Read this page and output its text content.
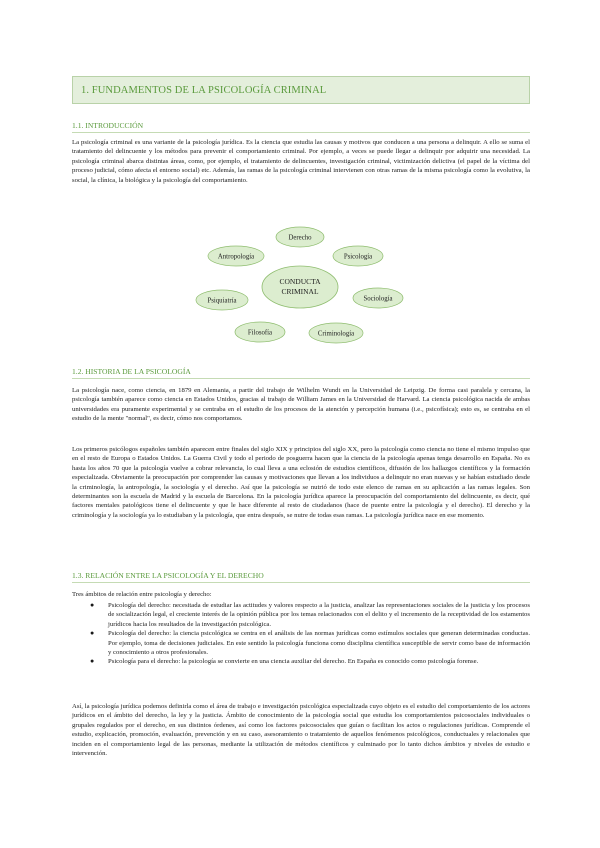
1. FUNDAMENTOS DE LA PSICOLOGÍA CRIMINAL
1.1. INTRODUCCIÓN

La psicología criminal es una variante de la psicología jurídica. Es la ciencia que estudia las causas y motivos que conducen a una persona a delinquir. A ello se suma el tratamiento del delincuente y los métodos para prevenir el comportamiento criminal. Por ejemplo, a veces se puede llegar a delinquir por adquirir una necesidad. La psicología criminal abarca distintas áreas, como, por ejemplo, el tratamiento de delincuentes, investigación criminal, victimización delictiva (el papel de la víctima del proceso judicial, cómo afecta el entorno social) etc. Además, las ramas de la psicología criminal intervienen con otras ramas de la misma psicología como la evolutiva, la social, la clínica, la biológica y la psicología del comportamiento.

CONDUCTA
CRIMINAL
Derecho
Psicología
Sociología
Criminología
Filosofía
Psiquiatría
Antropología
1.2. HISTORIA DE LA PSICOLOGÍA

La psicología nace, como ciencia, en 1879 en Alemania, a partir del trabajo de Wilhelm Wundt en la Universidad de Leipzig. De forma casi paralela y cercana, la psicología también aparece como ciencia en Estados Unidos, gracias al trabajo de William James en la Universidad de Harvard. La ciencia psicológica nacida de ambas universidades era puramente experimental y se centraba en el estudio de los procesos de la atención y percepción humana (i.e., psicofísica); esto es, se centraba en el estudio de la mente "normal", es decir, cómo nos comportamos.

Los primeros psicólogos españoles también aparecen entre finales del siglo XIX y principios del siglo XX, pero la psicología como ciencia no tiene el mismo impulso que en el resto de Europa o Estados Unidos. La Guerra Civil y todo el periodo de posguerra hacen que la ciencia de la psicología apenas tenga desarrollo en España. No es hasta los años 70 que la psicología vuelve a cobrar relevancia, lo cual lleva a una eclosión de estudios científicos, difusión de los hallazgos científicos y la formación especializada. Obviamente la preocupación por comprender las causas y motivaciones que llevan a los individuos a delinquir no eran nuevas y se habían estudiado desde la criminología, la antropología, la sociología y el derecho. Así que la psicología se nutrió de todo este elenco de ramas en su aplicación a las ramas legales. Son determinantes son la escuela de Madrid y la escuela de Barcelona. En la psicología jurídica aparece la preocupación del comportamiento del delincuente, es decir, qué factores mentales patológicos tiene el delincuente y que le hace diferente al resto de ciudadanos (hace de puente entre la psicología y el derecho). El derecho y la criminología y la sociología ya lo estudiaban y la psicología, que entra después, se nutre de todas esas ramas. La psicología jurídica nace en ese momento.

1.3. RELACIÓN ENTRE LA PSICOLOGÍA Y EL DERECHO

Tres ámbitos de relación entre psicología y derecho:

● Psicología del derecho: necesitada de estudiar las actitudes y valores respecto a la justicia, analizar las representaciones sociales de la justicia y los procesos de socialización legal, el creciente interés de la opinión pública por los temas relacionados con el delito y el incremento de la receptividad de los estamentos jurídicos hacia los resultados de la investigación psicológica.
● Psicología del derecho: la ciencia psicológica se centra en el análisis de las normas jurídicas como estímulos sociales que generan determinadas conductas. Por ejemplo, toma de decisiones judiciales. En este sentido la psicología funciona como disciplina científica susceptible de servir como base de información y conocimiento a otros profesionales.
● Psicología para el derecho: la psicología se convierte en una ciencia auxiliar del derecho. En España es conocido como psicología forense.

Así, la psicología jurídica podemos definirla como el área de trabajo e investigación psicológica especializada cuyo objeto es el estudio del comportamiento de los actores jurídicos en el ámbito del derecho, la ley y la justicia. Ámbito de conocimiento de la psicología social que estudia los comportamientos psicosociales individuales o grupales regulados por el derecho, en sus distintos órdenes, así como los factores psicosociales que guían o facilitan los actos o regulaciones jurídicas. Comprende el estudio, explicación, promoción, evaluación, prevención y en su caso, asesoramiento o tratamiento de aquellos fenómenos psicológicos, conductuales y relacionales que inciden en el comportamiento legal de las personas, mediante la utilización de métodos científicos y culminado por lo tanto dichos ámbitos y niveles de estudio e intervención.
